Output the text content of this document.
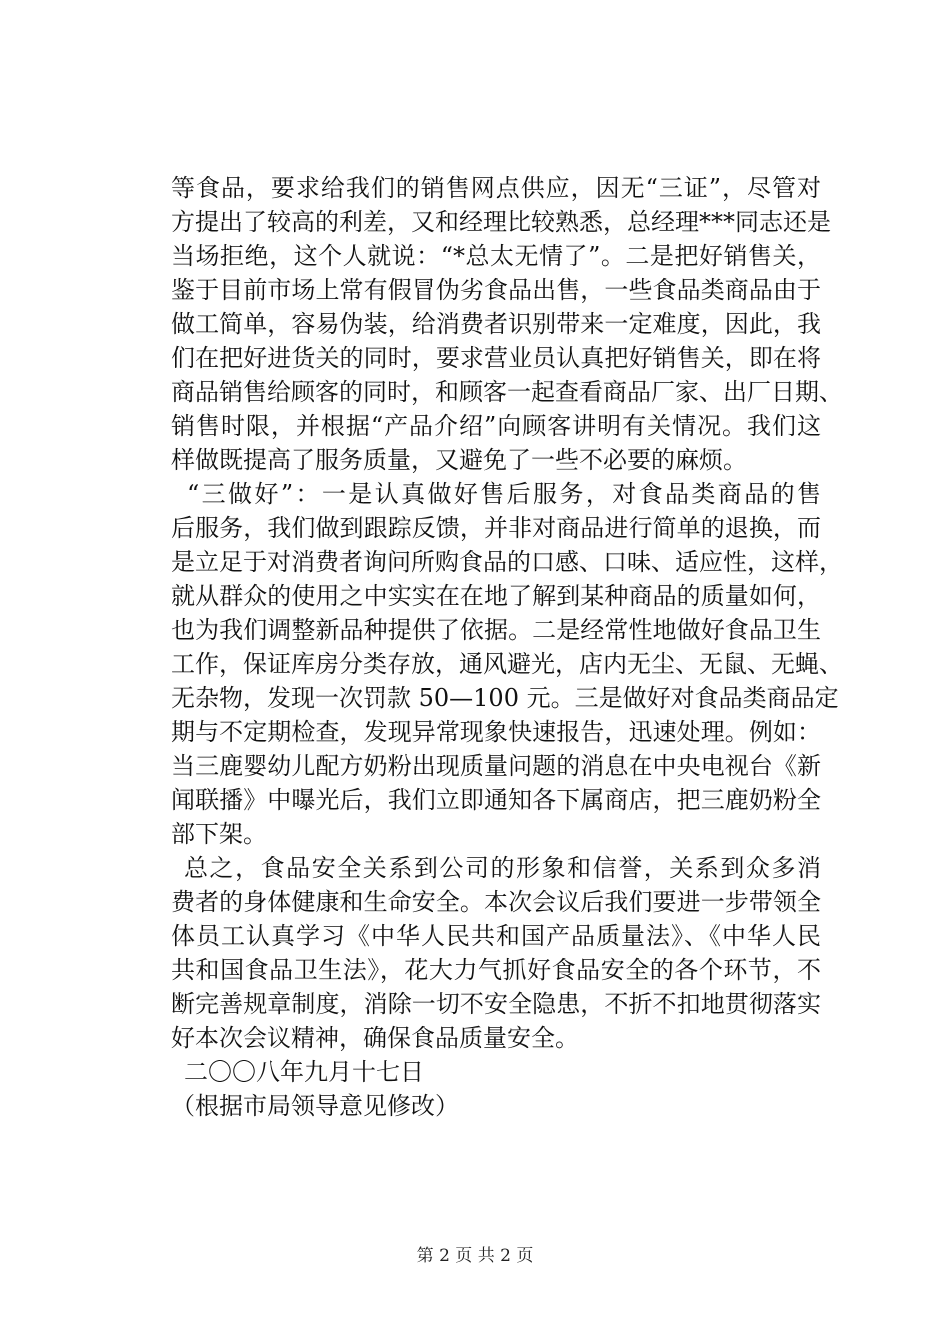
等食品，要求给我们的销售网点供应，因无“三证”，尽管对
方提出了较高的利差，又和经理比较熟悉，总经理***同志还是
当场拒绝，这个人就说：“*总太无情了”。二是把好销售关，
鉴于目前市场上常有假冒伪劣食品出售，一些食品类商品由于
做工简单，容易伪装，给消费者识别带来一定难度，因此，我
们在把好进货关的同时，要求营业员认真把好销售关，即在将
商品销售给顾客的同时，和顾客一起查看商品厂家、出厂日期、
销售时限，并根据“产品介绍”向顾客讲明有关情况。我们这
样做既提高了服务质量，又避免了一些不必要的麻烦。
“三做好”：一是认真做好售后服务，对食品类商品的售
后服务，我们做到跟踪反馈，并非对商品进行简单的退换，而
是立足于对消费者询问所购食品的口感、口味、适应性，这样，
就从群众的使用之中实实在在地了解到某种商品的质量如何，
也为我们调整新品种提供了依据。二是经常性地做好食品卫生
工作，保证库房分类存放，通风避光，店内无尘、无鼠、无蝇、
无杂物，发现一次罚款 50—100 元。三是做好对食品类商品定
期与不定期检查，发现异常现象快速报告，迅速处理。例如：
当三鹿婴幼儿配方奶粉出现质量问题的消息在中央电视台《新
闻联播》中曝光后，我们立即通知各下属商店，把三鹿奶粉全
部下架。
总之，食品安全关系到公司的形象和信誉，关系到众多消
费者的身体健康和生命安全。本次会议后我们要进一步带领全
体员工认真学习《中华人民共和国产品质量法》、《中华人民
共和国食品卫生法》，花大力气抓好食品安全的各个环节，不
断完善规章制度，消除一切不安全隐患，不折不扣地贯彻落实
好本次会议精神，确保食品质量安全。
二〇〇八年九月十七日
（根据市局领导意见修改）
第 2 页 共 2 页
